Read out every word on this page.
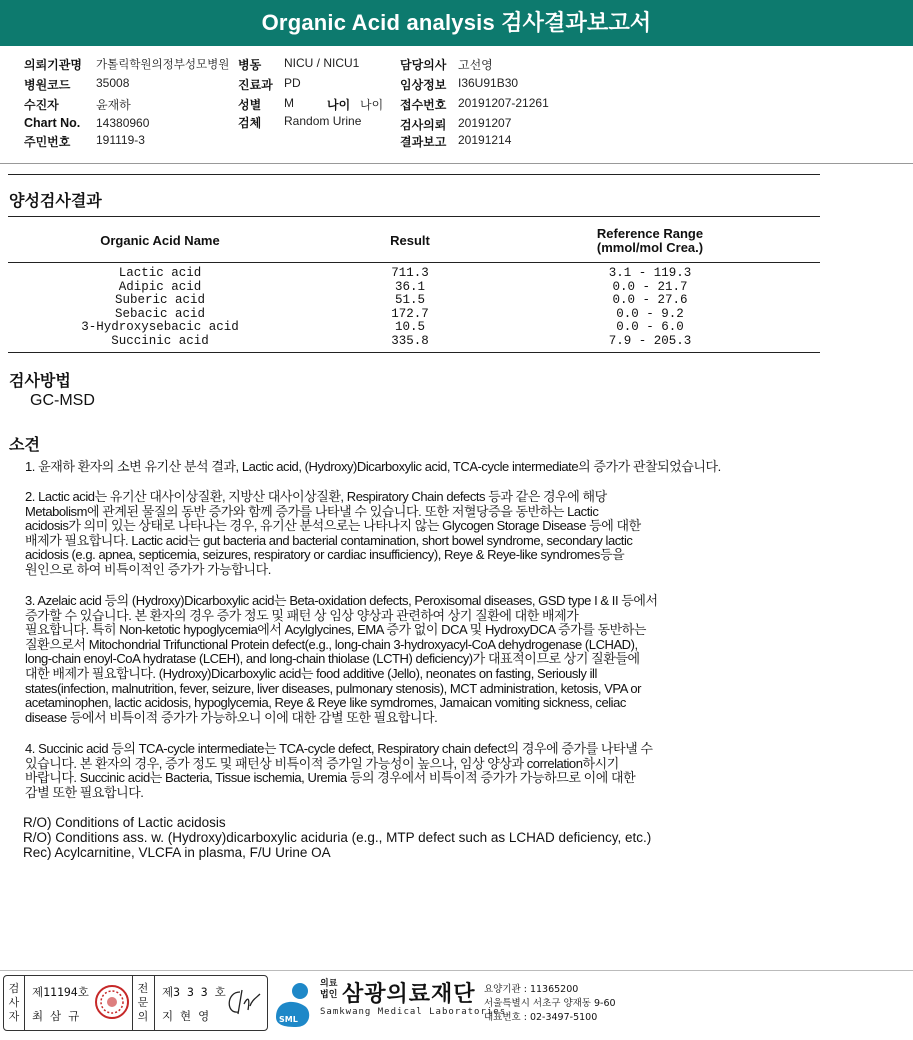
Organic Acid analysis 검사결과보고서
의뢰기관명 가톨릭학원의정부성모병원 병동 NICU / NICU1	담당의사 고선영
병원코드 35008	진료과 PD	임상정보 I36U91B30
수진자	윤재하	성별 M	나이 나이 접수번호 20191207-21261
Chart No. 14380960	검체 Random Urine	검사의뢰 20191207
주민번호 191119-3	결과보고 20191214
양성검사결과
Organic Acid Name	Result	Reference Range
(mmol/mol Crea.)
Lactic acid	711.3	3.1 - 119.3
Adipic acid	36.1	0.0 - 21.7
Suberic acid	51.5	0.0 - 27.6
Sebacic acid	172.7	0.0 - 9.2
3-Hydroxysebacic acid	10.5	0.0 - 6.0
Succinic acid	335.8	7.9 - 205.3
검사방법
GC-MSD
소견
1. 윤재하 환자의 소변 유기산 분석 결과, Lactic acid, (Hydroxy)Dicarboxylic acid, TCA-cycle intermediate의 증가가 관찰되었습니다.
2. Lactic acid는 유기산 대사이상질환, 지방산 대사이상질환, Respiratory Chain defects 등과 같은 경우에 해당
Metabolism에 관계된 물질의 동반 증가와 함께 증가를 나타낼 수 있습니다. 또한 저혈당증을 동반하는 Lactic
acidosis가 의미 있는 상태로 나타나는 경우, 유기산 분석으로는 나타나지 않는 Glycogen Storage Disease 등에 대한
배제가 필요합니다. Lactic acid는 gut bacteria and bacterial contamination, short bowel syndrome, secondary lactic
acidosis (e.g. apnea, septicemia, seizures, respiratory or cardiac insufficiency), Reye & Reye-like syndromes등을
원인으로 하여 비특이적인 증가가 가능합니다.
3. Azelaic acid 등의 (Hydroxy)Dicarboxylic acid는 Beta-oxidation defects, Peroxisomal diseases, GSD type I & II 등에서
증가할 수 있습니다. 본 환자의 경우 증가 정도 및 패턴 상 임상 양상과 관련하여 상기 질환에 대한 배제가
필요합니다. 특히 Non-ketotic hypoglycemia에서 Acylglycines, EMA 증가 없이 DCA 및 HydroxyDCA 증가를 동반하는
질환으로서 Mitochondrial Trifunctional Protein defect(e.g., long-chain 3-hydroxyacyl-CoA dehydrogenase (LCHAD),
long-chain enoyl-CoA hydratase (LCEH), and long-chain thiolase (LCTH) deficiency)가 대표적이므로 상기 질환들에
대한 배제가 필요합니다. (Hydroxy)Dicarboxylic acid는 food additive (Jello), neonates on fasting, Seriously ill
states(infection, malnutrition, fever, seizure, liver diseases, pulmonary stenosis), MCT administration, ketosis, VPA or
acetaminophen, lactic acidosis, hypoglycemia, Reye & Reye like symdromes, Jamaican vomiting sickness, celiac
disease 등에서 비특이적 증가가 가능하오니 이에 대한 감별 또한 필요합니다.
4. Succinic acid 등의 TCA-cycle intermediate는 TCA-cycle defect, Respiratory chain defect의 경우에 증가를 나타낼 수
있습니다. 본 환자의 경우, 증가 정도 및 패턴상 비특이적 증가일 가능성이 높으나, 임상 양상과 correlation하시기
바랍니다. Succinic acid는 Bacteria, Tissue ischemia, Uremia 등의 경우에서 비특이적 증가가 가능하므로 이에 대한
감별 또한 필요합니다.
R/O) Conditions of Lactic acidosis
R/O) Conditions ass. w. (Hydroxy)dicarboxylic aciduria (e.g., MTP defect such as LCHAD deficiency, etc.)
Rec) Acylcarnitine, VLCFA in plasma, F/U Urine OA
검
사
자
제11194호
최 삼 규
전
문
의
제3 3 3 호
지 현 영	SML
의료법인 삼광의료재단
Samkwang Medical Laboratories
요양기관 : 11365200
서울특별시 서초구 양재동 9-60
대표번호 : 02-3497-5100
